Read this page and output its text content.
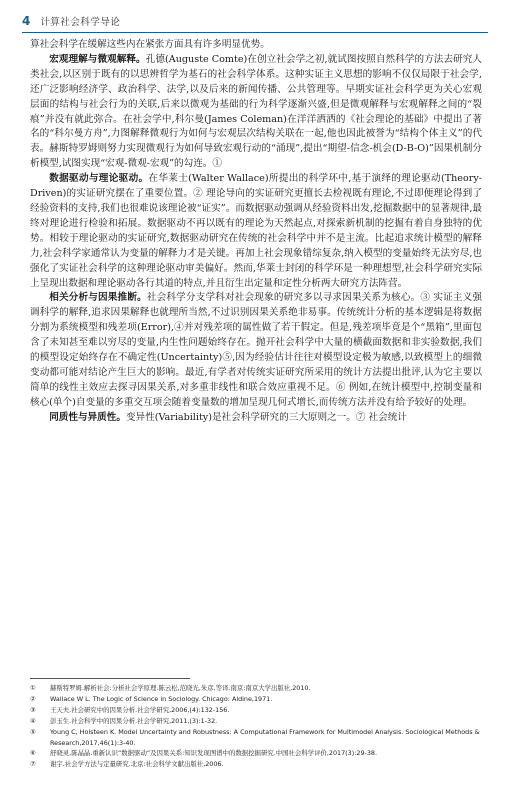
4 计算社会科学导论

算社会科学在缓解这些内在紧张方面具有许多明显优势。

宏观理解与微观解释。孔德(Auguste Comte)在创立社会学之初,就试图按照自然科学的方法去研究人类社会,以区别于既有的以思辨哲学为基石的社会科学体系。这种实证主义思想的影响不仅仅局限于社会学,还广泛影响经济学、政治科学、法学,以及后来的新闻传播、公共管理等。早期实证社会科学更为关心宏观层面的结构与社会行为的关联,后来以微观为基础的行为科学逐渐兴盛,但是微观解释与宏观解释之间的“裂痕”并没有就此弥合。在社会学中,科尔曼(James Coleman)在洋洋洒洒的《社会理论的基础》中提出了著名的“科尔曼方舟”,力图解释微观行为如何与宏观层次结构关联在一起,他也因此被誉为“结构个体主义”的代表。赫斯特罗姆则努力实现微观行为如何导致宏观行动的“涌现”,提出“期望-信念-机会(D-B-O)”因果机制分析模型,试图实现“宏观-微观-宏观”的勾连。①

数据驱动与理论驱动。在华莱士(Walter Wallace)所提出的科学环中,基于演绎的理论驱动(Theory-Driven)的实证研究摆在了重要位置。② 理论导向的实证研究更擅长去检视既有理论,不过即便理论得到了经验资料的支持,我们也很难说该理论被“证实”。而数据驱动强调从经验资料出发,挖掘数据中的显著规律,最终对理论进行检验和拓展。数据驱动不再以既有的理论为天然起点,对探索新机制的挖掘有着自身独特的优势。相较于理论驱动的实证研究,数据驱动研究在传统的社会科学中并不是主流。比起追求统计模型的解释力,社会科学家通常认为变量的解释力才是关键。再加上社会现象错综复杂,纳入模型的变量始终无法穷尽,也强化了实证社会科学的这种理论驱动审美偏好。然而,华莱士封闭的科学环是一种理想型,社会科学研究实际上呈现出数据和理论驱动各行其道的特点,并且衍生出定量和定性分析两大研究方法阵营。

相关分析与因果推断。社会科学分支学科对社会现象的研究多以寻求因果关系为核心。③ 实证主义强调科学的解释,追求因果解释也就理所当然,不过识别因果关系绝非易事。传统统计分析的基本逻辑是将数据分割为系统模型和残差项(Error),④并对残差项的属性做了若干假定。但是,残差项毕竟是个“黑箱”,里面包含了未知甚至难以穷尽的变量,内生性问题始终存在。抛开社会科学中大量的横截面数据和非实验数据,我们的模型设定始终存在不确定性(Uncertainty)⑤,因为经验估计往往对模型设定极为敏感,以致模型上的细微变动都可能对结论产生巨大的影响。最近,有学者对传统实证研究所采用的统计方法提出批评,认为它主要以简单的线性主效应去探寻因果关系,对多重非线性和联合效应重视不足。⑥ 例如,在统计模型中,控制变量和核心(单个)自变量的多重交互项会随着变量数的增加呈现几何式增长,而传统方法并没有给予较好的处理。

同质性与异质性。变异性(Variability)是社会科学研究的三大原则之一。⑦ 社会统计

①	赫斯特罗姆.解析社会:分析社会学原理.陈云松,范晓光,朱彦,等译.南京:南京大学出版社,2010.
②	Wallace W L. The Logic of Science in Sociology. Chicago: Aldine,1971.
③	王天夫.社会研究中的因果分析.社会学研究,2006,(4):132-156.
④	彭玉生.社会科学中的因果分析.社会学研究,2011,(3):1-32.
⑤	Young C, Holsteen K. Model Uncertainty and Robustness: A Computational Framework for Multimodel Analysis. Sociological Methods & Research,2017,46(1):3-40.
⑥	舒晓灵,陈晶晶.重新认识“数据驱动”及因果关系:知识发现图谱中的数据挖掘研究.中国社会科学评价,2017(3):29-38.
⑦	谢宇.社会学方法与定量研究.北京:社会科学文献出版社,2006.
